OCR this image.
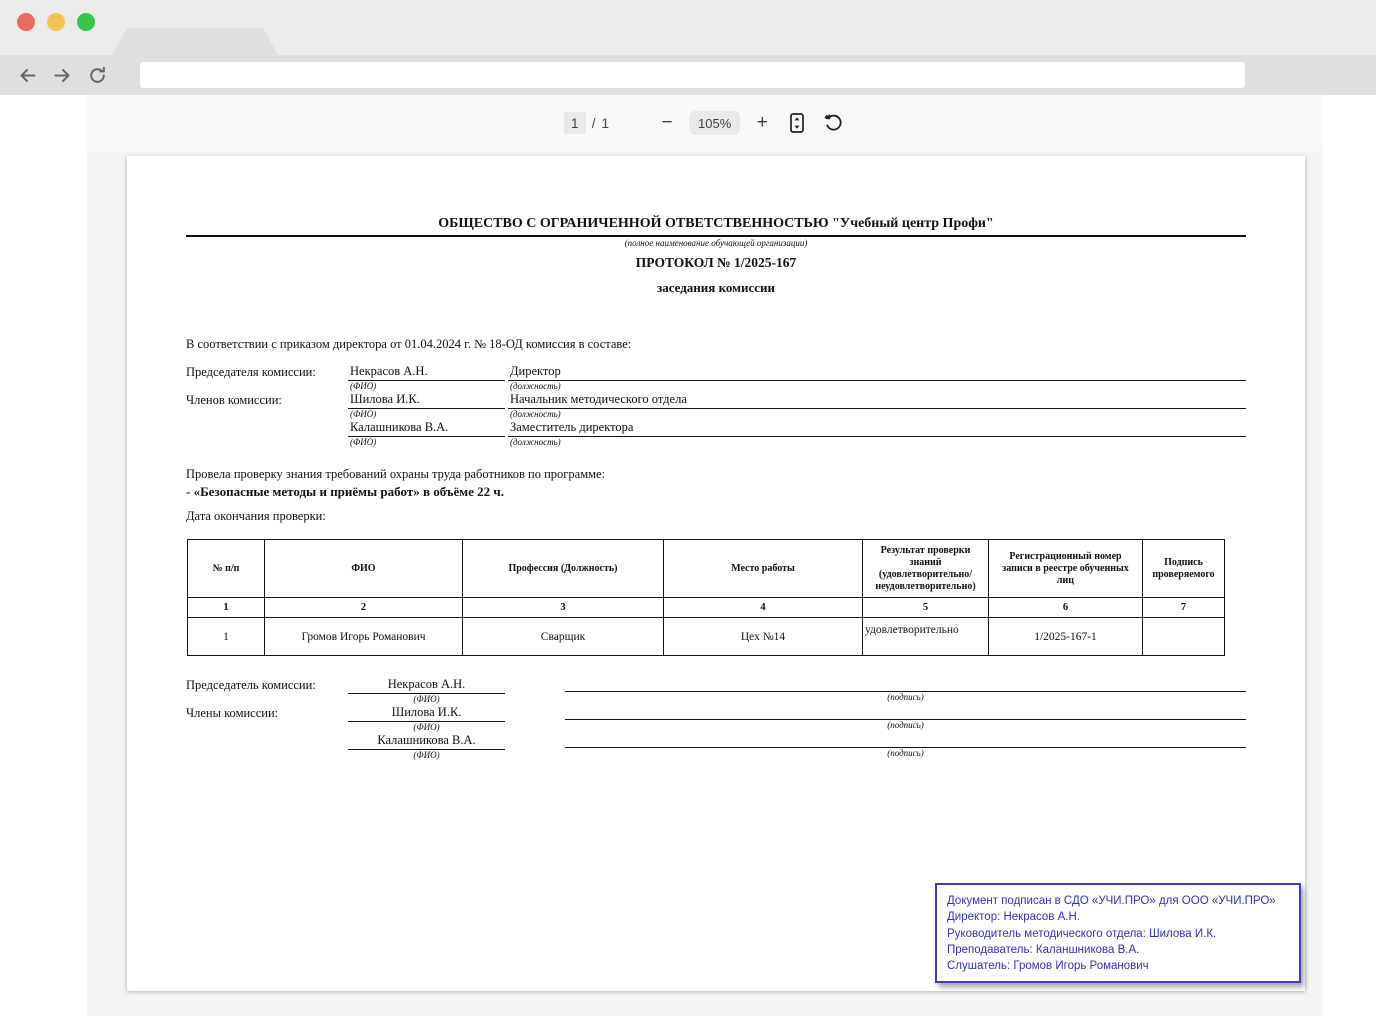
1 / 1	−	105%	+
ОБЩЕСТВО С ОГРАНИЧЕННОЙ ОТВЕТСТВЕННОСТЬЮ "Учебный центр Профи"
(полное наименование обучающей организации)
ПРОТОКОЛ № 1/2025-167
заседания комиссии
В соответствии с приказом директора от 01.04.2024 г. № 18-ОД комиссия в составе:
Председателя комиссии:	Некрасов А.Н.
(ФИО)
Директор
(должность)
Членов комиссии:	Шилова И.К.
(ФИО)
Начальник методического отдела
(должность)
Калашникова В.А.
(ФИО)
Заместитель директора
(должность)
Провела проверку знания требований охраны труда работников по программе:
- «Безопасные методы и приёмы работ» в объёме 22 ч.
Дата окончания проверки:
№ п/п	ФИО	Профессия (Должность)	Место работы	Результат проверки знаний (удовлетворительно/ неудовлетворительно)	Регистрационный номер записи в реестре обученных лиц	Подпись проверяемого
1	2	3	4	5	6	7
1	Громов Игорь Романович	Сварщик	Цех №14	удовлетворительно	1/2025-167-1	
Председатель комиссии:	Некрасов А.Н.
(ФИО)	(подпись)
Члены комиссии:	Шилова И.К.
(ФИО)	(подпись)
Калашникова В.А.
(ФИО)	(подпись)
Документ подписан в СДО «УЧИ.ПРО» для ООО «УЧИ.ПРО»
Директор: Некрасов А.Н.
Руководитель методического отдела: Шилова И.К.
Преподаватель: Каланшникова В.А.
Слушатель: Громов Игорь Романович
